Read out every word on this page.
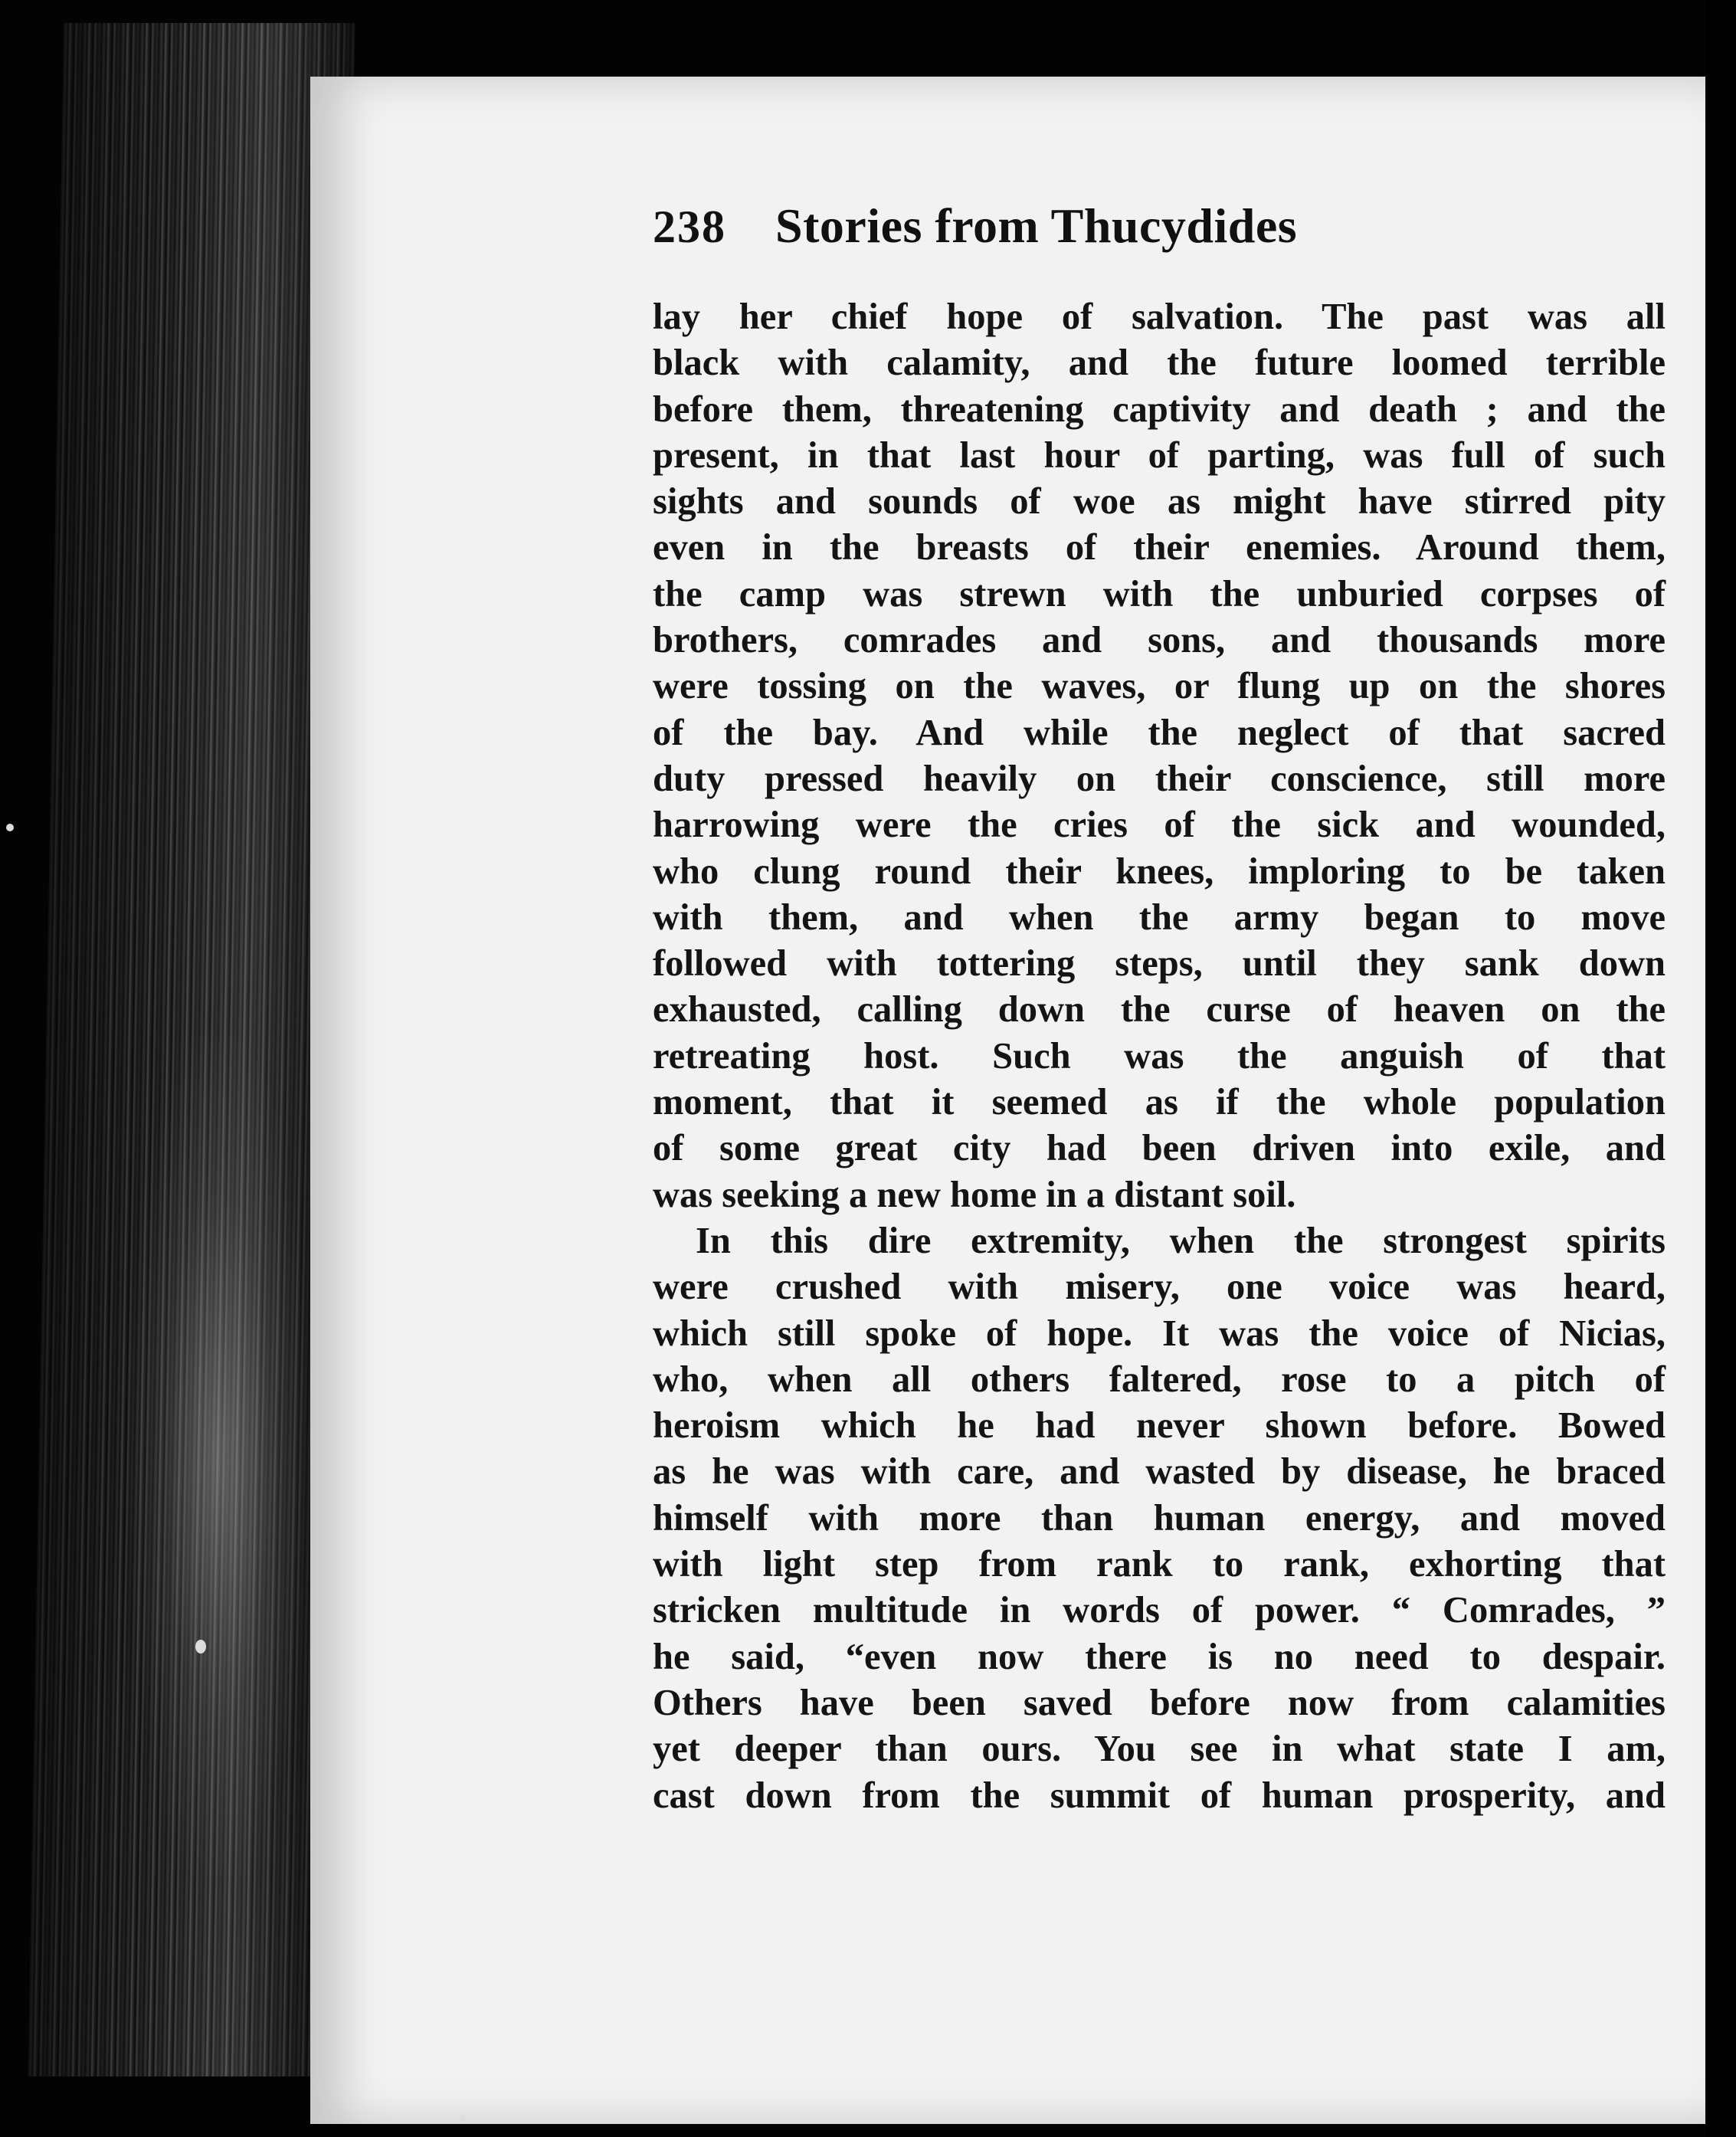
238	Stories from Thucydides
lay her chief hope of salvation. The past was all
black with calamity, and the future loomed terrible
before them, threatening captivity and death ; and the
present, in that last hour of parting, was full of such
sights and sounds of woe as might have stirred pity
even in the breasts of their enemies. Around them,
the camp was strewn with the unburied corpses of
brothers, comrades and sons, and thousands more
were tossing on the waves, or flung up on the shores
of the bay. And while the neglect of that sacred
duty pressed heavily on their conscience, still more
harrowing were the cries of the sick and wounded,
who clung round their knees, imploring to be taken
with them, and when the army began to move
followed with tottering steps, until they sank down
exhausted, calling down the curse of heaven on the
retreating host. Such was the anguish of that
moment, that it seemed as if the whole population
of some great city had been driven into exile, and
was seeking a new home in a distant soil.
In this dire extremity, when the strongest spirits
were crushed with misery, one voice was heard,
which still spoke of hope. It was the voice of Nicias,
who, when all others faltered, rose to a pitch of
heroism which he had never shown before. Bowed
as he was with care, and wasted by disease, he braced
himself with more than human energy, and moved
with light step from rank to rank, exhorting that
stricken multitude in words of power. “ Comrades, ”
he said, “even now there is no need to despair.
Others have been saved before now from calamities
yet deeper than ours. You see in what state I am,
cast down from the summit of human prosperity, and
